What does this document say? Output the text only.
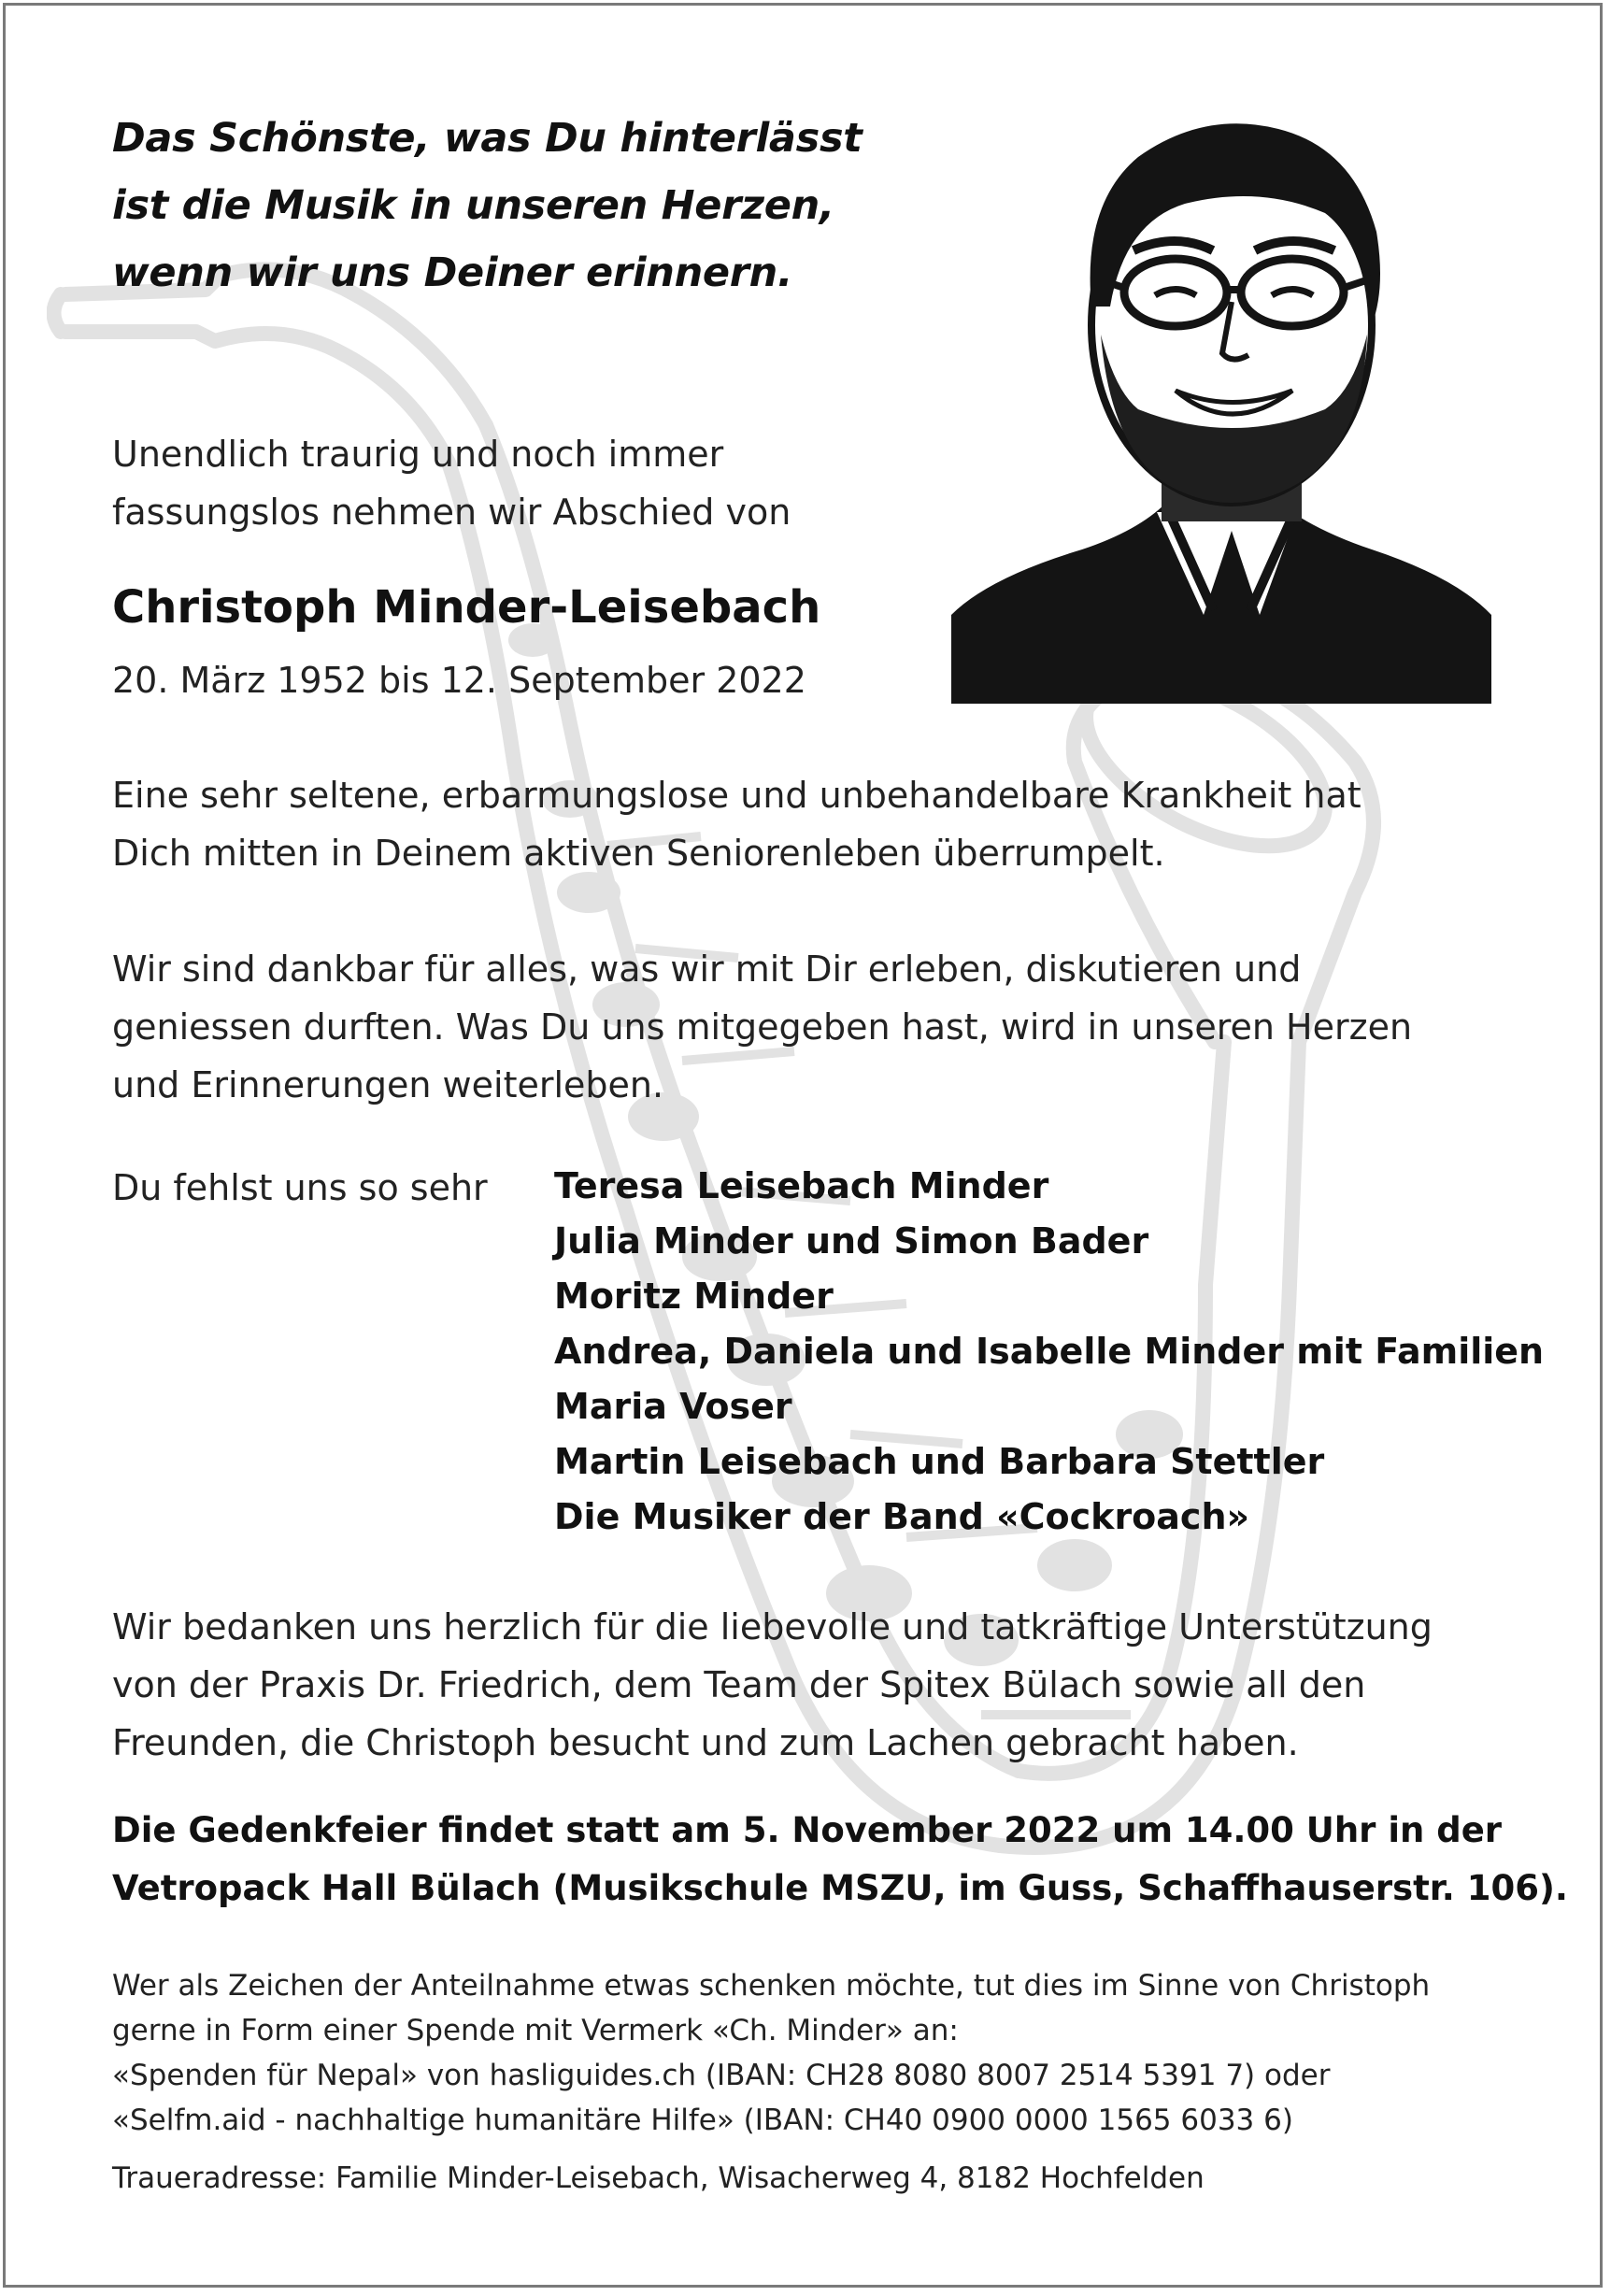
Das Schönste, was Du hinterlässt
ist die Musik in unseren Herzen,
wenn wir uns Deiner erinnern.
Unendlich traurig und noch immer
fassungslos nehmen wir Abschied von
Christoph Minder-Leisebach
20. März 1952 bis 12. September 2022
Eine sehr seltene, erbarmungslose und unbehandelbare Krankheit hat
Dich mitten in Deinem aktiven Seniorenleben überrumpelt.
Wir sind dankbar für alles, was wir mit Dir erleben, diskutieren und
geniessen durften. Was Du uns mitgegeben hast, wird in unseren Herzen
und Erinnerungen weiterleben.
Du fehlst uns so sehr Teresa Leisebach Minder
Julia Minder und Simon Bader
Moritz Minder
Andrea, Daniela und Isabelle Minder mit Familien
Maria Voser
Martin Leisebach und Barbara Stettler
Die Musiker der Band «Cockroach»
Wir bedanken uns herzlich für die liebevolle und tatkräftige Unterstützung
von der Praxis Dr. Friedrich, dem Team der Spitex Bülach sowie all den
Freunden, die Christoph besucht und zum Lachen gebracht haben.
Die Gedenkfeier findet statt am 5. November 2022 um 14.00 Uhr in der
Vetropack Hall Bülach (Musikschule MSZU, im Guss, Schaffhauserstr. 106).
Wer als Zeichen der Anteilnahme etwas schenken möchte, tut dies im Sinne von Christoph
gerne in Form einer Spende mit Vermerk «Ch. Minder» an:
«Spenden für Nepal» von hasliguides.ch (IBAN: CH28 8080 8007 2514 5391 7) oder
«Selfm.aid - nachhaltige humanitäre Hilfe» (IBAN: CH40 0900 0000 1565 6033 6)
Traueradresse: Familie Minder-Leisebach, Wisacherweg 4, 8182 Hochfelden
